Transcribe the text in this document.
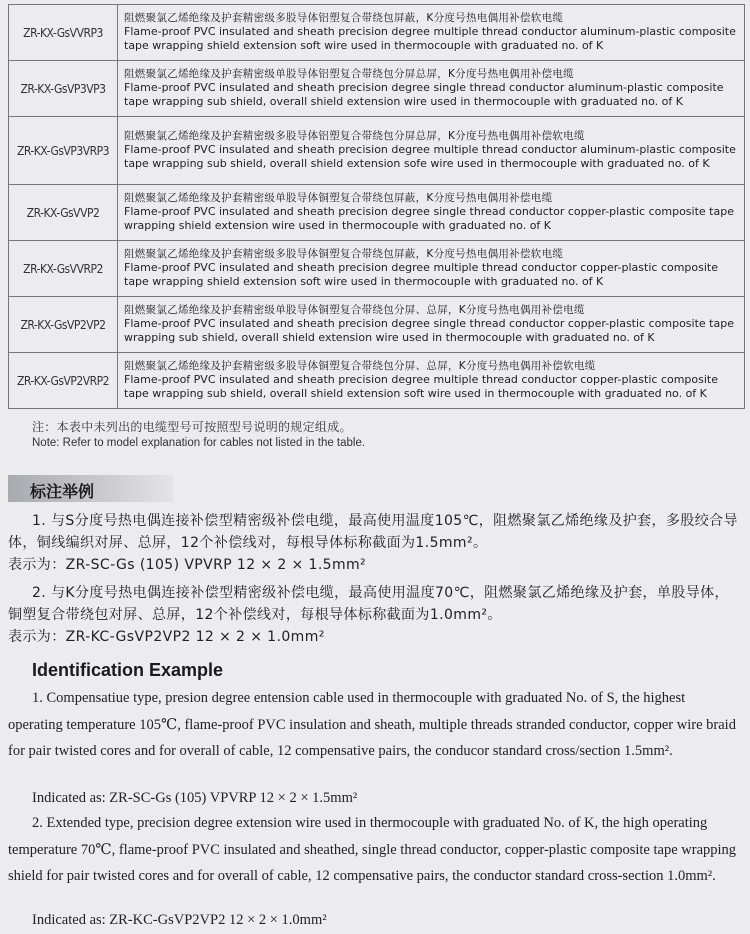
ZR-KX-GsVVRP3	阻燃聚氯乙烯绝缘及护套精密级多股导体铝塑复合带绕包屏蔽，K分度号热电偶用补偿软电缆
Flame-proof PVC insulated and sheath precision degree multiple thread conductor aluminum-plastic composite tape wrapping shield extension soft wire used in thermocouple with graduated no. of K

ZR-KX-GsVP3VP3	阻燃聚氯乙烯绝缘及护套精密级单股导体铝塑复合带绕包分屏总屏，K分度号热电偶用补偿电缆
Flame-proof PVC insulated and sheath precision degree single thread conductor aluminum-plastic composite tape wrapping sub shield, overall shield extension wire used in thermocouple with graduated no. of K

ZR-KX-GsVP3VRP3	阻燃聚氯乙烯绝缘及护套精密级多股导体铝塑复合带绕包分屏总屏，K分度号热电偶用补偿软电缆
Flame-proof PVC insulated and sheath precision degree multiple thread conductor aluminum-plastic composite tape wrapping sub shield, overall shield extension sofe wire used in thermocouple with graduated no. of K

ZR-KX-GsVVP2	阻燃聚氯乙烯绝缘及护套精密级单股导体铜塑复合带绕包屏蔽，K分度号热电偶用补偿电缆
Flame-proof PVC insulated and sheath precision degree single thread conductor copper-plastic composite tape wrapping shield extension wire used in thermocouple with graduated no. of K

ZR-KX-GsVVRP2	阻燃聚氯乙烯绝缘及护套精密级多股导体铜塑复合带绕包屏蔽，K分度号热电偶用补偿软电缆
Flame-proof PVC insulated and sheath precision degree multiple thread conductor copper-plastic composite tape wrapping shield extension soft wire used in thermocouple with graduated no. of K

ZR-KX-GsVP2VP2	阻燃聚氯乙烯绝缘及护套精密级单股导体铜塑复合带绕包分屏、总屏，K分度号热电偶用补偿电缆
Flame-proof PVC insulated and sheath precision degree single thread conductor copper-plastic composite tape wrapping sub shield, overall shield extension wire used in thermocouple with graduated no. of K

ZR-KX-GsVP2VRP2	阻燃聚氯乙烯绝缘及护套精密级多股导体铜塑复合带绕包分屏、总屏，K分度号热电偶用补偿软电缆
Flame-proof PVC insulated and sheath precision degree multiple thread conductor copper-plastic composite tape wrapping sub shield, overall shield extension soft wire used in thermocouple with graduated no. of K
注：本表中未列出的电缆型号可按照型号说明的规定组成。
Note: Refer to model explanation for cables not listed in the table.
标注举例
1. 与S分度号热电偶连接补偿型精密级补偿电缆，最高使用温度105℃，阻燃聚氯乙烯绝缘及护套，多股绞合导体，铜线编织对屏、总屏，12个补偿线对，每根导体标称截面为1.5mm²。
表示为：ZR-SC-Gs (105) VPVRP 12 × 2 × 1.5mm²
2. 与K分度号热电偶连接补偿型精密级补偿电缆，最高使用温度70℃，阻燃聚氯乙烯绝缘及护套，单股导体，铜塑复合带绕包对屏、总屏，12个补偿线对，每根导体标称截面为1.0mm²。
表示为：ZR-KC-GsVP2VP2 12 × 2 × 1.0mm²
Identification Example
1. Compensatiue type, presion degree entension cable used in thermocouple with graduated No. of S, the highest operating temperature 105℃, flame-proof PVC insulation and sheath, multiple threads stranded conductor, copper wire braid for pair twisted cores and for overall of cable, 12 compensative pairs, the conducor standard cross/section 1.5mm².
Indicated as: ZR-SC-Gs (105) VPVRP 12 × 2 × 1.5mm²
2. Extended type, precision degree extension wire used in thermocouple with graduated No. of K, the high operating temperature 70℃, flame-proof PVC insulated and sheathed, single thread conductor, copper-plastic composite tape wrapping shield for pair twisted cores and for overall of cable, 12 compensative pairs, the conductor standard cross-section 1.0mm².
Indicated as: ZR-KC-GsVP2VP2 12 × 2 × 1.0mm²
